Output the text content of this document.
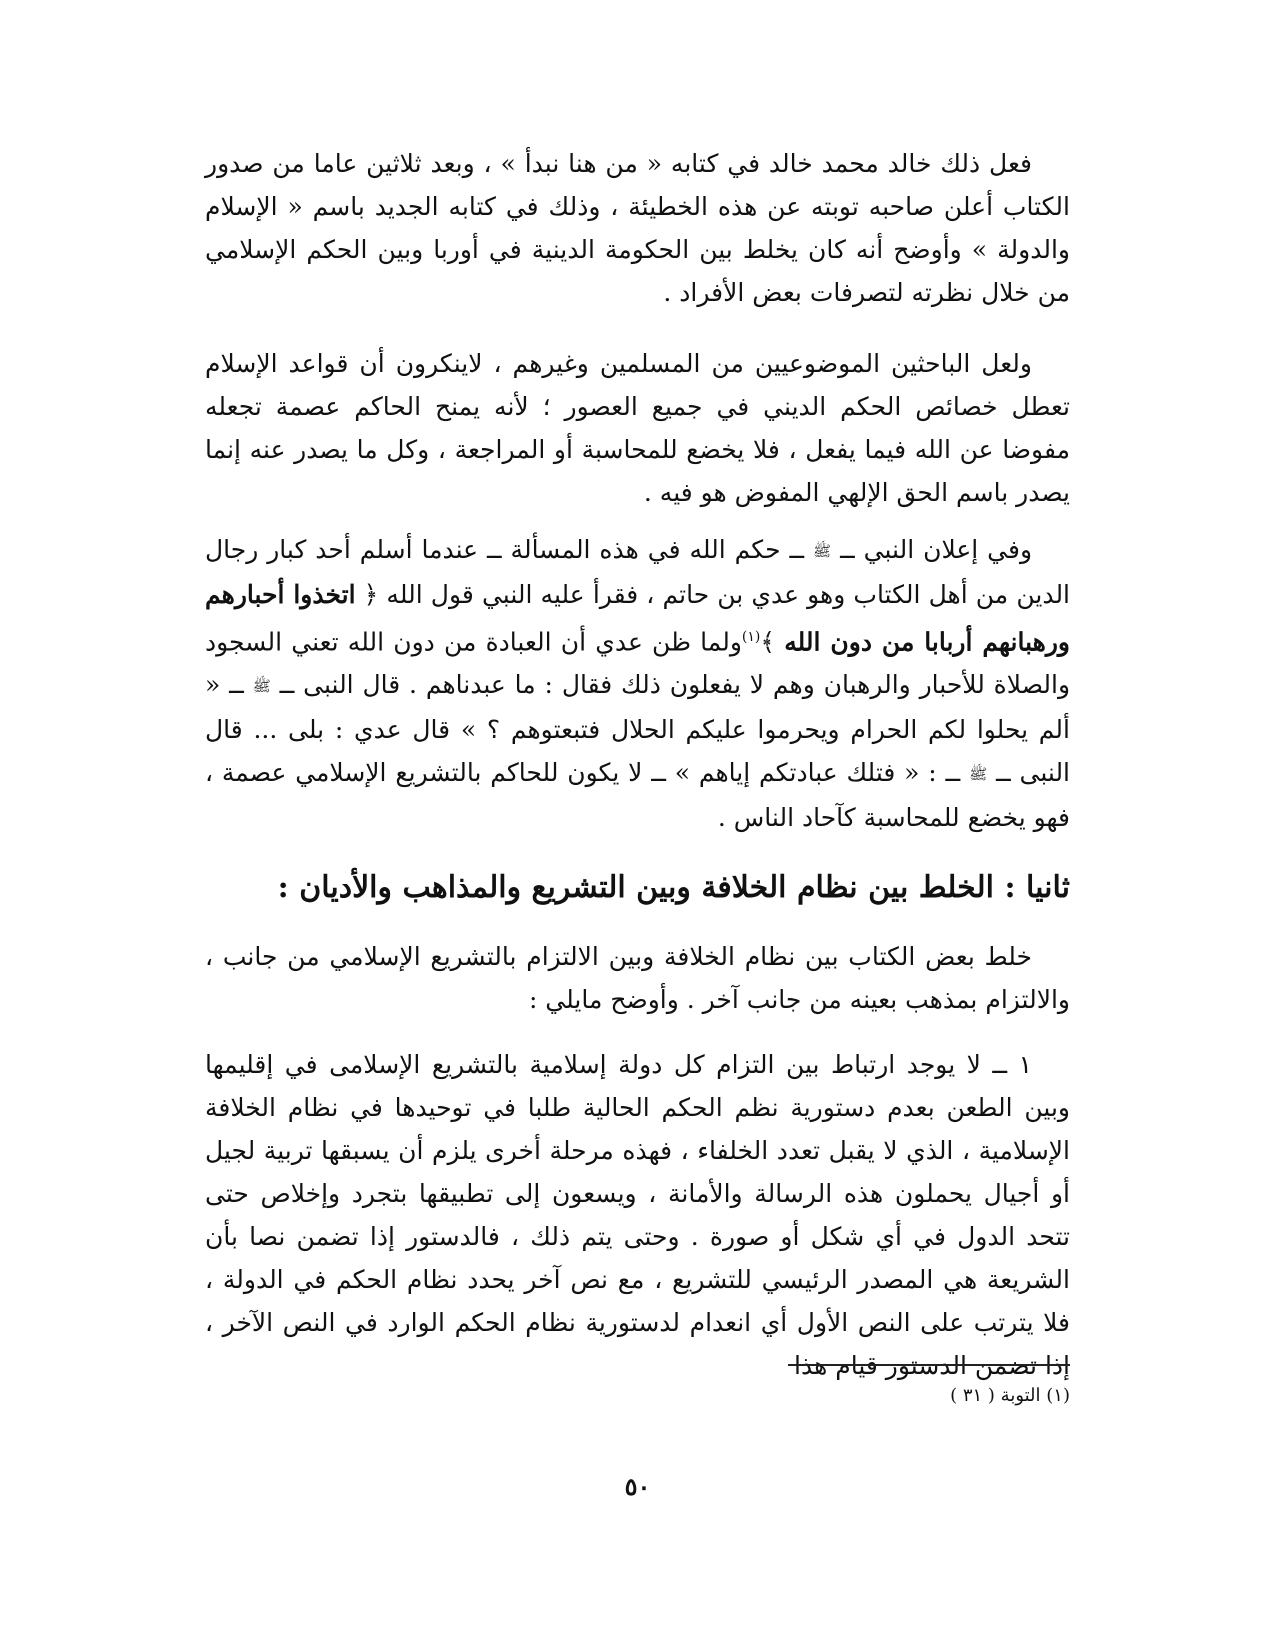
فعل ذلك خالد محمد خالد في كتابه « من هنا نبدأ » ، وبعد ثلاثين عاما من صدور الكتاب أعلن صاحبه توبته عن هذه الخطيئة ، وذلك في كتابه الجديد باسم « الإسلام والدولة » وأوضح أنه كان يخلط بين الحكومة الدينية في أوربا وبين الحكم الإسلامي من خلال نظرته لتصرفات بعض الأفراد .

ولعل الباحثين الموضوعيين من المسلمين وغيرهم ، لاينكرون أن قواعد الإسلام تعطل خصائص الحكم الديني في جميع العصور ؛ لأنه يمنح الحاكم عصمة تجعله مفوضا عن الله فيما يفعل ، فلا يخضع للمحاسبة أو المراجعة ، وكل ما يصدر عنه إنما يصدر باسم الحق الإلهي المفوض هو فيه .

وفي إعلان النبي ــ ﷺ ــ حكم الله في هذه المسألة ــ عندما أسلم أحد كبار رجال الدين من أهل الكتاب وهو عدي بن حاتم ، فقرأ عليه النبي قول الله ﴿ اتخذوا أحبارهم ورهبانهم أربابا من دون الله ﴾$^{(١)}$ولما ظن عدي أن العبادة من دون الله تعني السجود والصلاة للأحبار والرهبان وهم لا يفعلون ذلك فقال : ما عبدناهم . قال النبى ــ ﷺ ــ « ألم يحلوا لكم الحرام ويحرموا عليكم الحلال فتبعتوهم ؟ » قال عدي : بلى ... قال النبى ــ ﷺ ــ : « فتلك عبادتكم إياهم » ــ لا يكون للحاكم بالتشريع الإسلامي عصمة ، فهو يخضع للمحاسبة كآحاد الناس .

ثانيا : الخلط بين نظام الخلافة وبين التشريع والمذاهب والأديان :

خلط بعض الكتاب بين نظام الخلافة وبين الالتزام بالتشريع الإسلامي من جانب ، والالتزام بمذهب بعينه من جانب آخر . وأوضح مايلي :

١ ــ لا يوجد ارتباط بين التزام كل دولة إسلامية بالتشريع الإسلامى في إقليمها وبين الطعن بعدم دستورية نظم الحكم الحالية طلبا في توحيدها في نظام الخلافة الإسلامية ، الذي لا يقبل تعدد الخلفاء ، فهذه مرحلة أخرى يلزم أن يسبقها تربية لجيل أو أجيال يحملون هذه الرسالة والأمانة ، ويسعون إلى تطبيقها بتجرد وإخلاص حتى تتحد الدول في أي شكل أو صورة . وحتى يتم ذلك ، فالدستور إذا تضمن نصا بأن الشريعة هي المصدر الرئيسي للتشريع ، مع نص آخر يحدد نظام الحكم في الدولة ، فلا يترتب على النص الأول أي انعدام لدستورية نظام الحكم الوارد في النص الآخر ، إذا تضمن الدستور قيام هذا

(١) التوبة ( ٣١ )

٥٠
